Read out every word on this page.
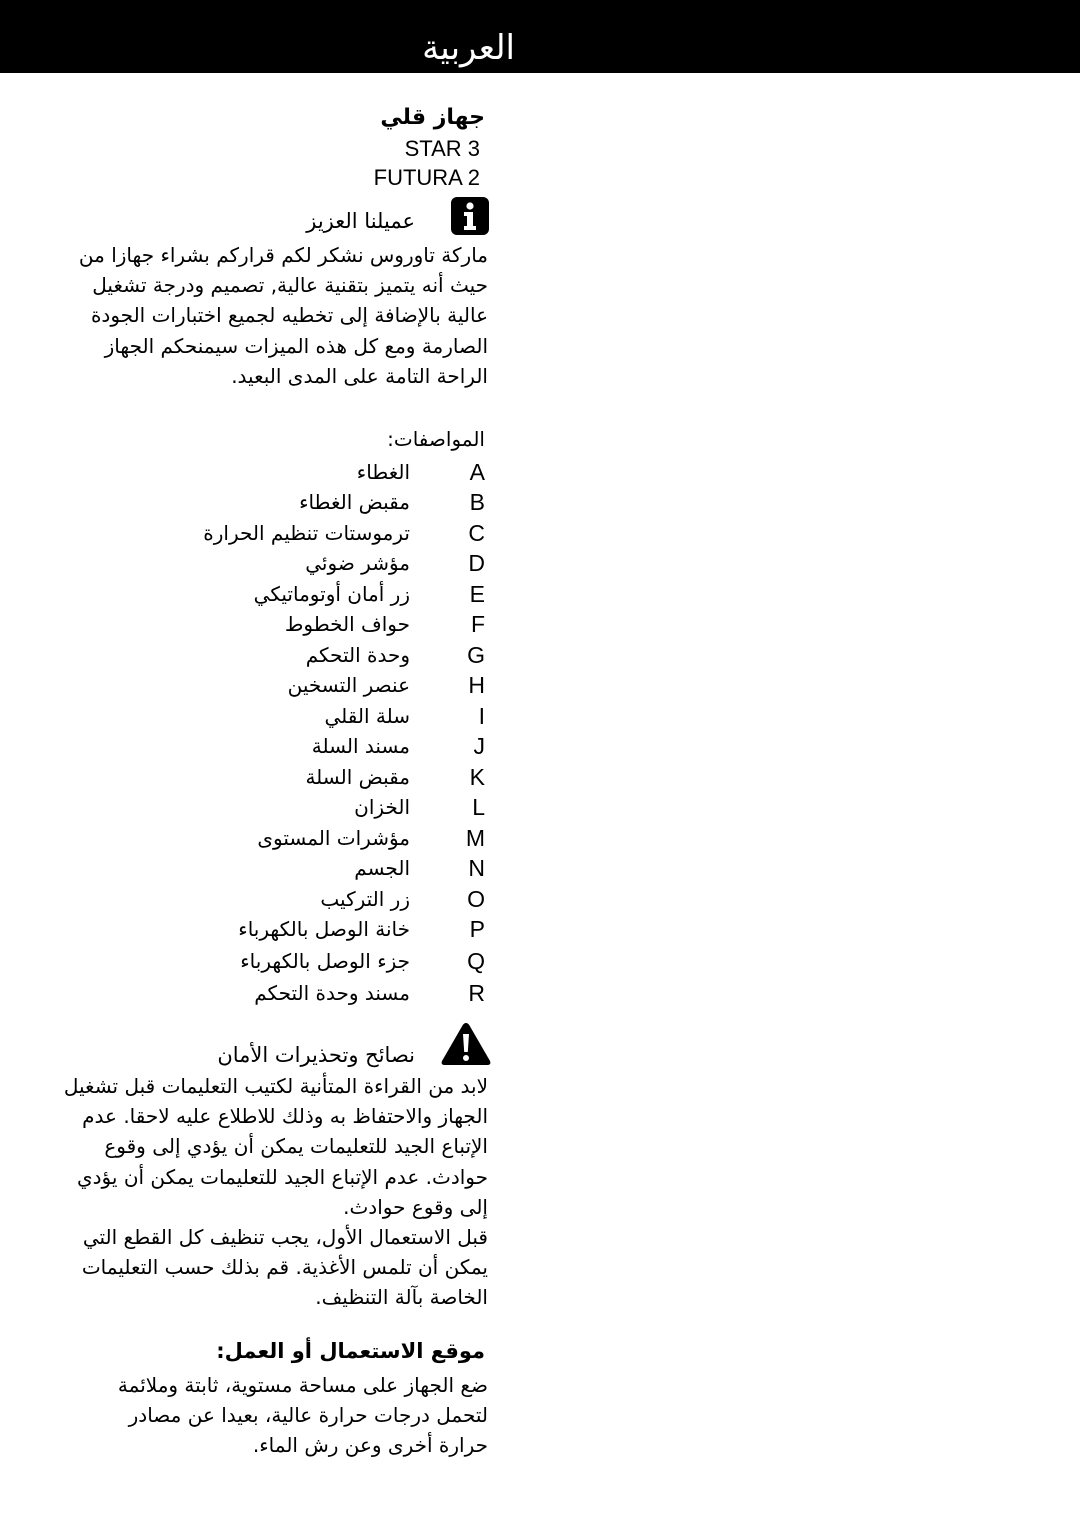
العربية
جهاز قلي
STAR 3
FUTURA 2
عميلنا العزيز
ماركة تاوروس نشكر لكم قراركم بشراء جهازا من
حيث أنه يتميز بتقنية عالية, تصميم ودرجة تشغيل
عالية بالإضافة إلى تخطيه لجميع اختبارات الجودة
الصارمة ومع كل هذه الميزات سيمنحكم الجهاز
الراحة التامة على المدى البعيد.
المواصفات:
A
الغطاء
B
مقبض الغطاء
C
ترموستات تنظيم الحرارة
D
مؤشر ضوئي
E
زر أمان أوتوماتيكي
F
حواف الخطوط
G
وحدة التحكم
H
عنصر التسخين
I
سلة القلي
J
مسند السلة
K
مقبض السلة
L
الخزان
M
مؤشرات المستوى
N
الجسم
O
زر التركيب
P
خانة الوصل بالكهرباء
Q
جزء الوصل بالكهرباء
R
مسند وحدة التحكم
نصائح وتحذيرات الأمان
لابد من القراءة المتأنية لكتيب التعليمات قبل تشغيل
الجهاز والاحتفاظ به وذلك للاطلاع عليه لاحقا. عدم
الإتباع الجيد للتعليمات يمكن أن يؤدي إلى وقوع
حوادث. عدم الإتباع الجيد للتعليمات يمكن أن يؤدي
إلى وقوع حوادث.
قبل الاستعمال الأول، يجب تنظيف كل القطع التي
يمكن أن تلمس الأغذية. قم بذلك حسب التعليمات
الخاصة بآلة التنظيف.
موقع الاستعمال أو العمل:
ضع الجهاز على مساحة مستوية، ثابتة وملائمة
لتحمل درجات حرارة عالية، بعيدا عن مصادر
حرارة أخرى وعن رش الماء.
